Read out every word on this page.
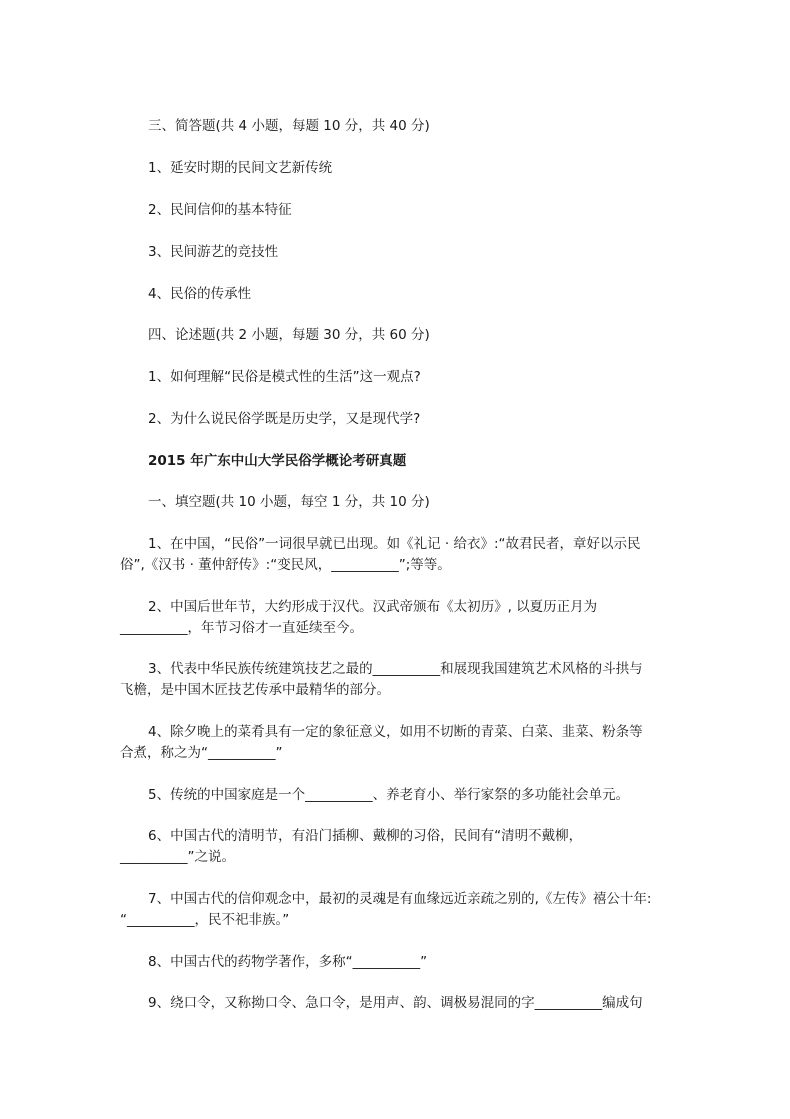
三、简答题(共 4 小题，每题 10 分，共 40 分)

1、延安时期的民间文艺新传统

2、民间信仰的基本特征

3、民间游艺的竞技性

4、民俗的传承性

四、论述题(共 2 小题，每题 30 分，共 60 分)

1、如何理解“民俗是模式性的生活”这一观点?

2、为什么说民俗学既是历史学，又是现代学?

2015 年广东中山大学民俗学概论考研真题

一、填空题(共 10 小题，每空 1 分，共 10 分)

1、在中国，“民俗”一词很早就已出现。如《礼记 · 给衣》:“故君民者，章好以示民

俗”,《汉书 · 董仲舒传》:“变民风，__________”;等等。

2、中国后世年节，大约形成于汉代。汉武帝颁布《太初历》, 以夏历正月为

__________，年节习俗才一直延续至今。

3、代表中华民族传统建筑技艺之最的__________和展现我国建筑艺术风格的斗拱与

飞檐，是中国木匠技艺传承中最精华的部分。

4、除夕晚上的菜肴具有一定的象征意义，如用不切断的青菜、白菜、韭菜、粉条等

合煮，称之为“__________”

5、传统的中国家庭是一个__________、养老育小、举行家祭的多功能社会单元。

6、中国古代的清明节，有沿门插柳、戴柳的习俗，民间有“清明不戴柳，

__________”之说。

7、中国古代的信仰观念中，最初的灵魂是有血缘远近亲疏之别的,《左传》禧公十年:

“__________，民不祀非族。”

8、中国古代的药物学著作，多称“__________”

9、绕口令，又称拗口令、急口令，是用声、韵、调极易混同的字__________编成句
